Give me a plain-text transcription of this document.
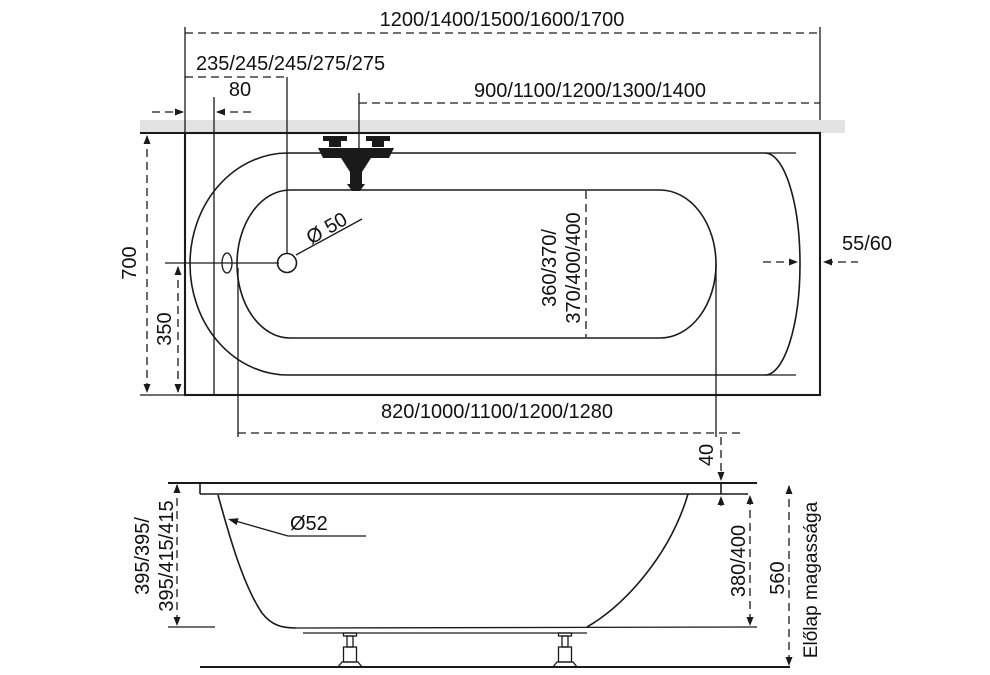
1200/1400/1500/1600/1700
235/245/245/275/275
80	900/1100/1200/1300/1400
700
350
Ø 50
360/370/ 370/400/400	55/60
820/1000/1100/1200/1280
40
395/395/ 395/415/415	Ø52
380/400 560 Előlap magassága
